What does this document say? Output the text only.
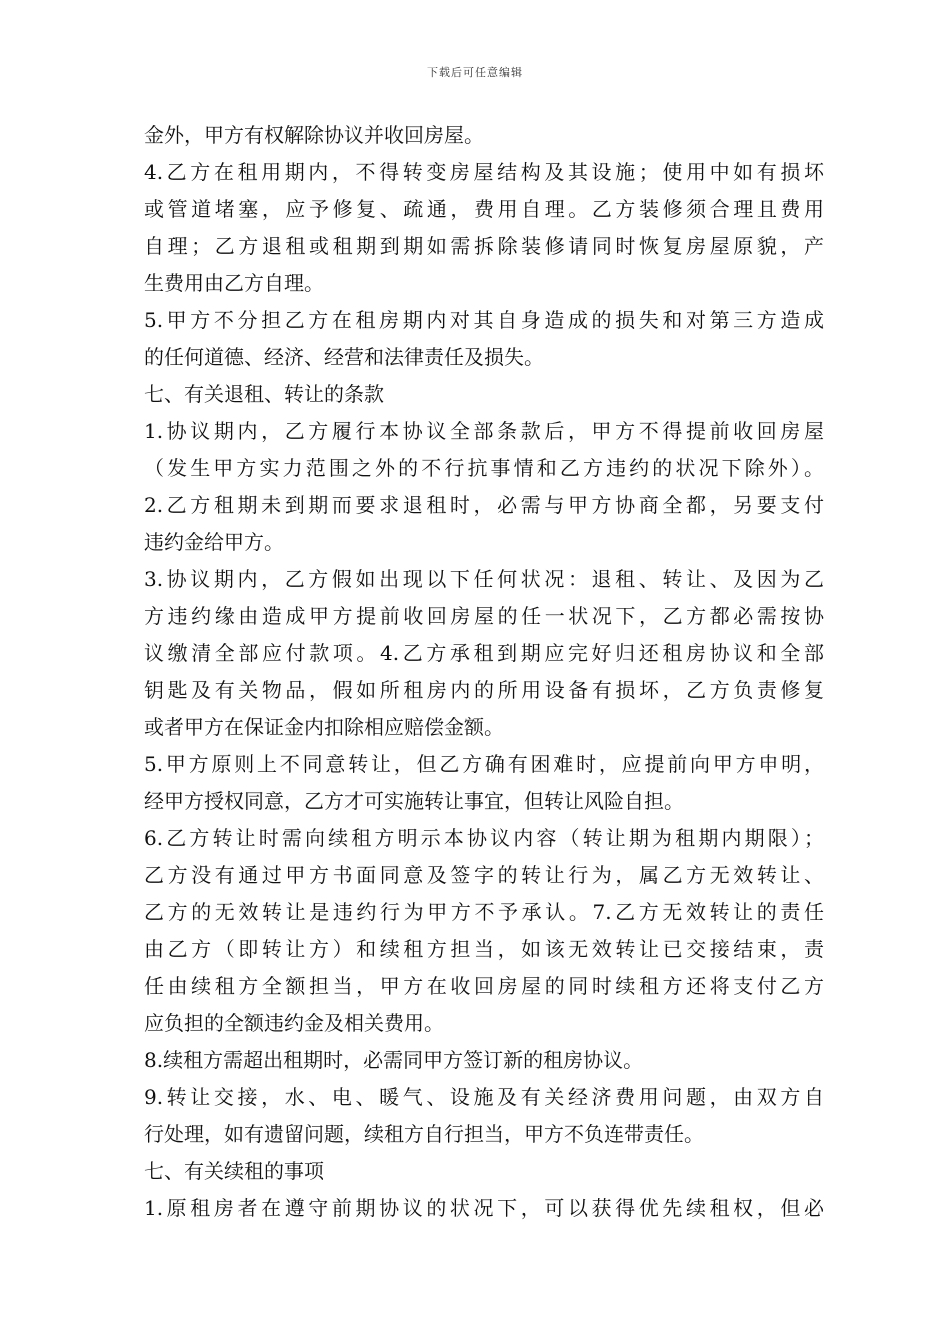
下载后可任意编辑
金外，甲方有权解除协议并收回房屋。
4.乙方在租用期内，不得转变房屋结构及其设施；使用中如有损坏
或管道堵塞，应予修复、疏通，费用自理。乙方装修须合理且费用
自理；乙方退租或租期到期如需拆除装修请同时恢复房屋原貌，产
生费用由乙方自理。
5.甲方不分担乙方在租房期内对其自身造成的损失和对第三方造成
的任何道德、经济、经营和法律责任及损失。
七、有关退租、转让的条款
1.协议期内，乙方履行本协议全部条款后，甲方不得提前收回房屋
（发生甲方实力范围之外的不行抗事情和乙方违约的状况下除外）。
2.乙方租期未到期而要求退租时，必需与甲方协商全都，另要支付
违约金给甲方。
3.协议期内，乙方假如出现以下任何状况：退租、转让、及因为乙
方违约缘由造成甲方提前收回房屋的任一状况下，乙方都必需按协
议缴清全部应付款项。4.乙方承租到期应完好归还租房协议和全部
钥匙及有关物品，假如所租房内的所用设备有损坏，乙方负责修复
或者甲方在保证金内扣除相应赔偿金额。
5.甲方原则上不同意转让，但乙方确有困难时，应提前向甲方申明，
经甲方授权同意，乙方才可实施转让事宜，但转让风险自担。
6.乙方转让时需向续租方明示本协议内容（转让期为租期内期限）；
乙方没有通过甲方书面同意及签字的转让行为，属乙方无效转让、
乙方的无效转让是违约行为甲方不予承认。7.乙方无效转让的责任
由乙方（即转让方）和续租方担当，如该无效转让已交接结束，责
任由续租方全额担当，甲方在收回房屋的同时续租方还将支付乙方
应负担的全额违约金及相关费用。
8.续租方需超出租期时，必需同甲方签订新的租房协议。
9.转让交接，水、电、暖气、设施及有关经济费用问题，由双方自
行处理，如有遗留问题，续租方自行担当，甲方不负连带责任。
七、有关续租的事项
1.原租房者在遵守前期协议的状况下，可以获得优先续租权，但必
